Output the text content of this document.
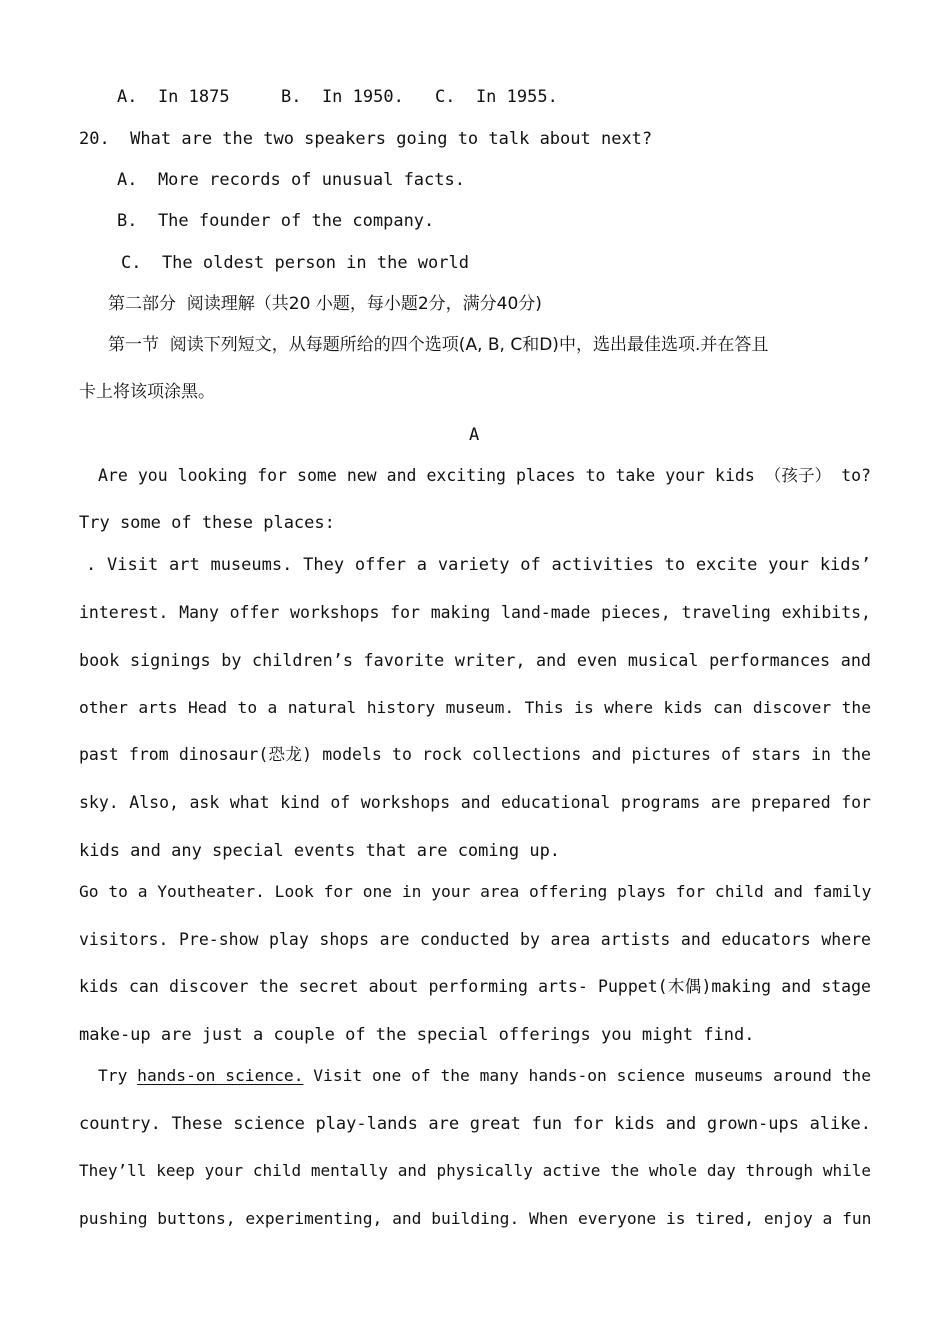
A.  In 1875	B.  In 1950. C.  In 1955.
20.  What are the two speakers going to talk about next?
A.  More records of unusual facts.
B.  The founder of the company.
C.  The oldest person in the world
第二部分  阅读理解（共20 小题，每小题2分，满分40分)
第一节  阅读下列短文，从每题所给的四个选项(A, B, C和D)中，选出最佳选项.并在答且
卡上将该项涂黑。
A
Are you looking for some new and exciting places to take your kids （孩子） to?
Try some of these places:
. Visit art museums. They offer a variety of activities to excite your kids’
interest. Many offer workshops for making land-made pieces, traveling exhibits,
book signings by children’s favorite writer, and even musical performances and
other arts Head to a natural history museum. This is where kids can discover the
past from dinosaur(恐龙) models to rock collections and pictures of stars in the
sky. Also, ask what kind of workshops and educational programs are prepared for
kids and any special events that are coming up.
Go to a Youtheater. Look for one in your area offering plays for child and family
visitors. Pre-show play shops are conducted by area artists and educators where
kids can discover the secret about performing arts- Puppet(木偶)making and stage
make-up are just a couple of the special offerings you might find.
Try hands-on science. Visit one of the many hands-on science museums around the
country. These science play-lands are great fun for kids and grown-ups alike.
They’ll keep your child mentally and physically active the whole day through while
pushing buttons, experimenting, and building. When everyone is tired, enjoy a fun
